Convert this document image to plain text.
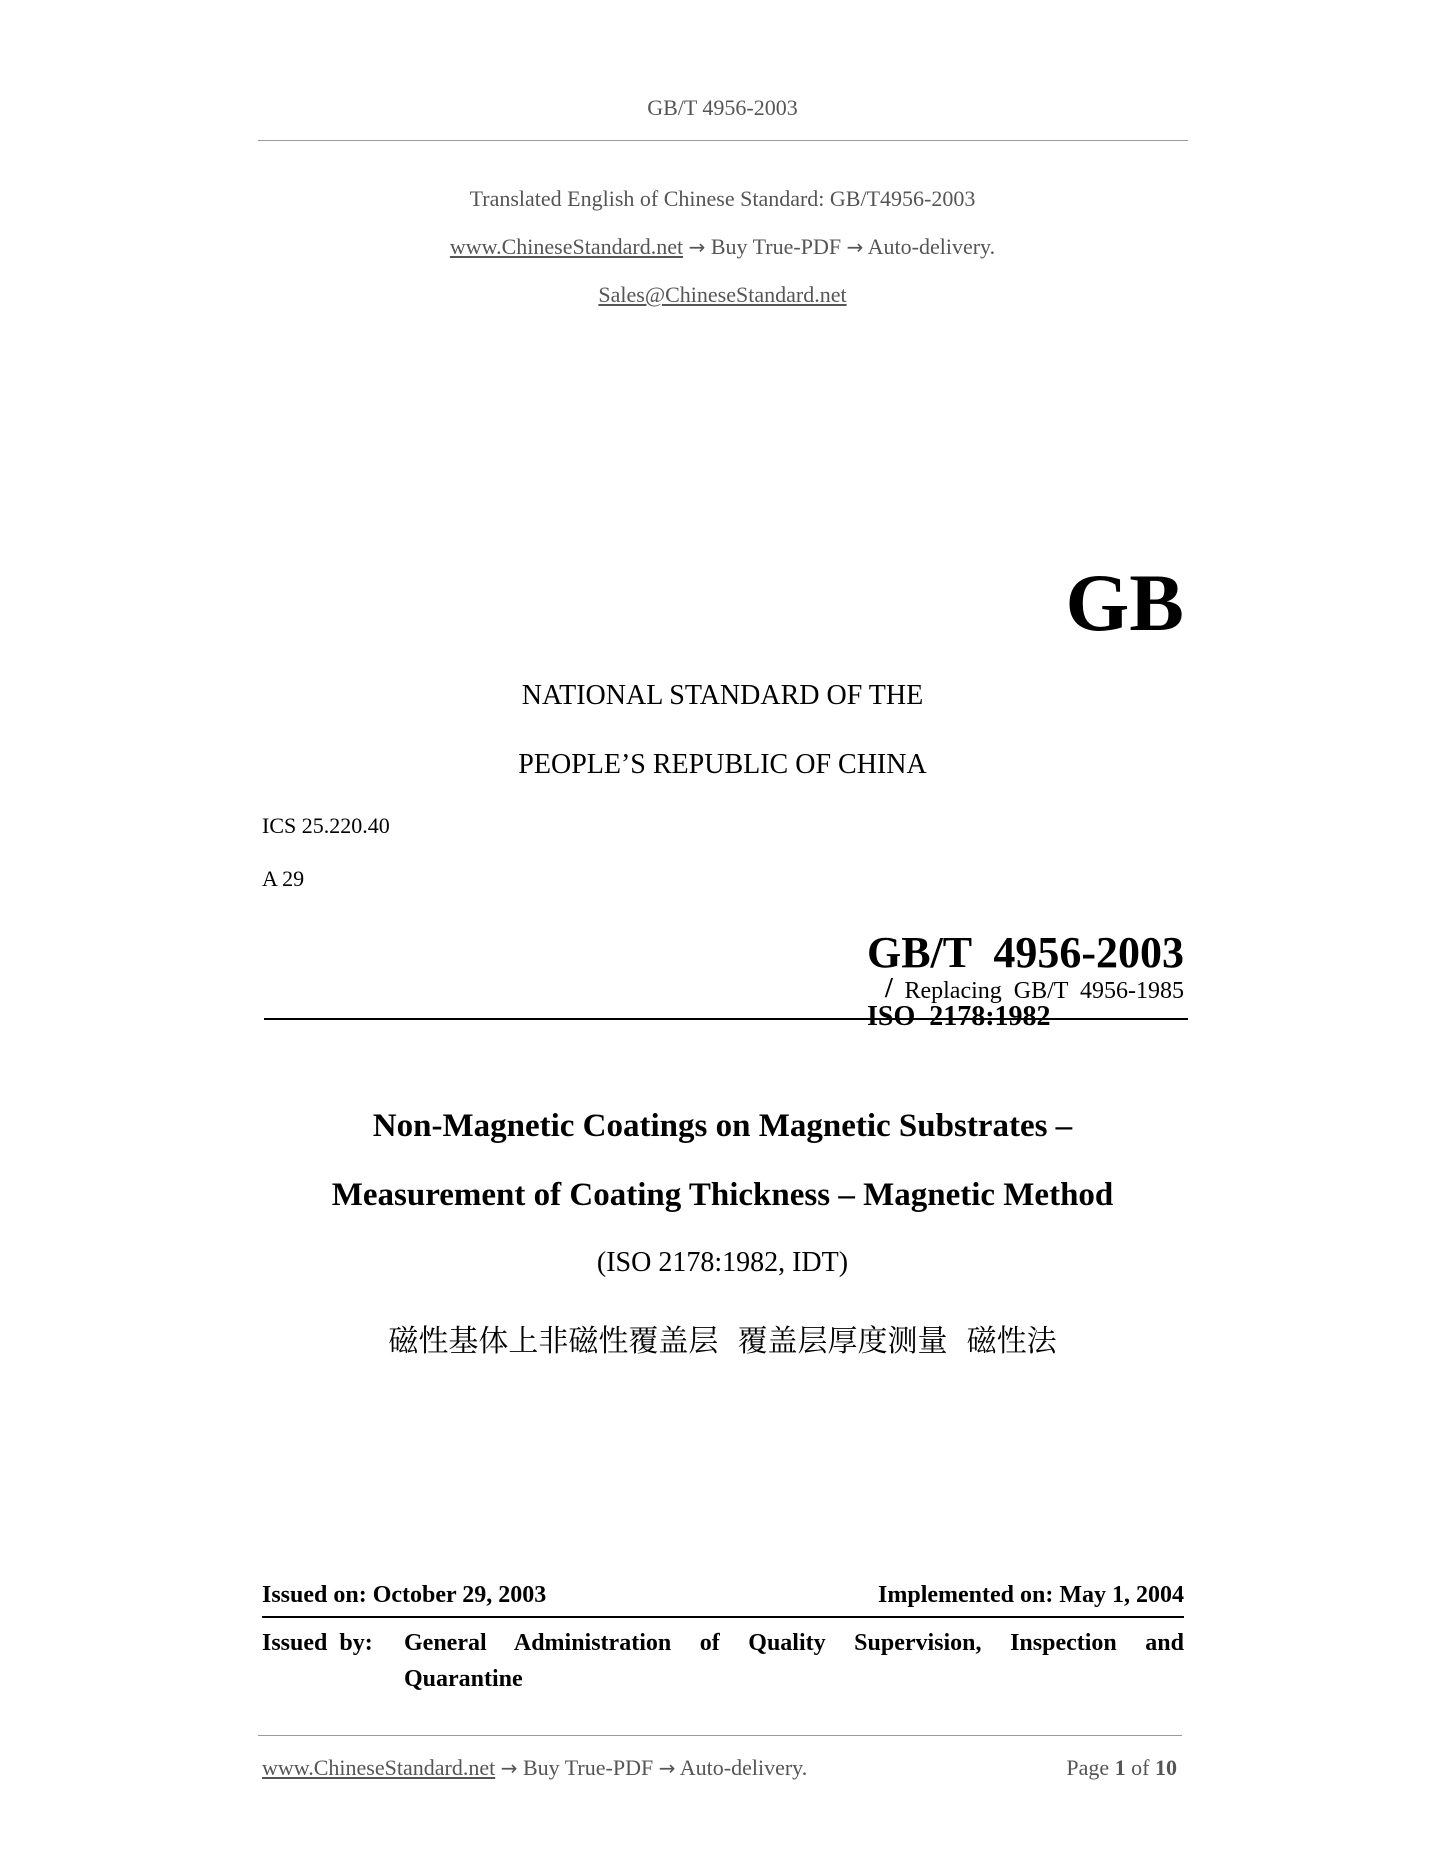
GB/T 4956-2003
Translated English of Chinese Standard: GB/T4956-2003
www.ChineseStandard.net → Buy True-PDF → Auto-delivery.
Sales@ChineseStandard.net
GB
NATIONAL STANDARD OF THE
PEOPLE’S REPUBLIC OF CHINA
ICS 25.220.40
A 29

GB/T  4956-2003
/
ISO  2178:1982

Replacing  GB/T  4956-1985
Non-Magnetic Coatings on Magnetic Substrates –
Measurement of Coating Thickness – Magnetic Method
(ISO 2178:1982, IDT)
磁性基体上非磁性覆盖层  覆盖层厚度测量  磁性法
Issued on: October 29, 2003	Implemented on: May 1, 2004
Issued  by: General Administration of Quality Supervision, Inspection and
Quarantine
www.ChineseStandard.net → Buy True-PDF → Auto-delivery.	Page 1 of 10
